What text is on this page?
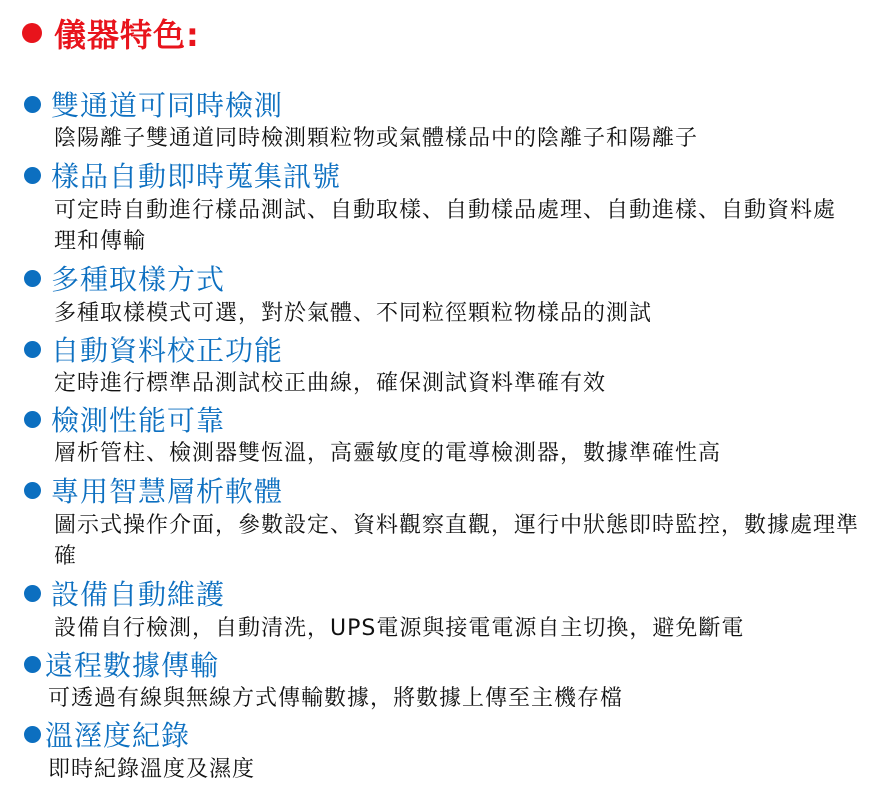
儀器特色:
雙通道可同時檢測
陰陽離子雙通道同時檢測顆粒物或氣體樣品中的陰離子和陽離子
樣品自動即時蒐集訊號
可定時自動進行樣品測試、自動取樣、自動樣品處理、自動進樣、自動資料處理和傳輸
多種取樣方式
多種取樣模式可選，對於氣體、不同粒徑顆粒物樣品的測試
自動資料校正功能
定時進行標準品測試校正曲線，確保測試資料準確有效
檢測性能可靠
層析管柱、檢測器雙恆溫，高靈敏度的電導檢測器，數據準確性高
專用智慧層析軟體
圖示式操作介面，參數設定、資料觀察直觀，運行中狀態即時監控，數據處理準確
設備自動維護
設備自行檢測，自動清洗，UPS電源與接電電源自主切換，避免斷電
遠程數據傳輸
可透過有線與無線方式傳輸數據，將數據上傳至主機存檔
溫溼度紀錄
即時紀錄溫度及濕度
